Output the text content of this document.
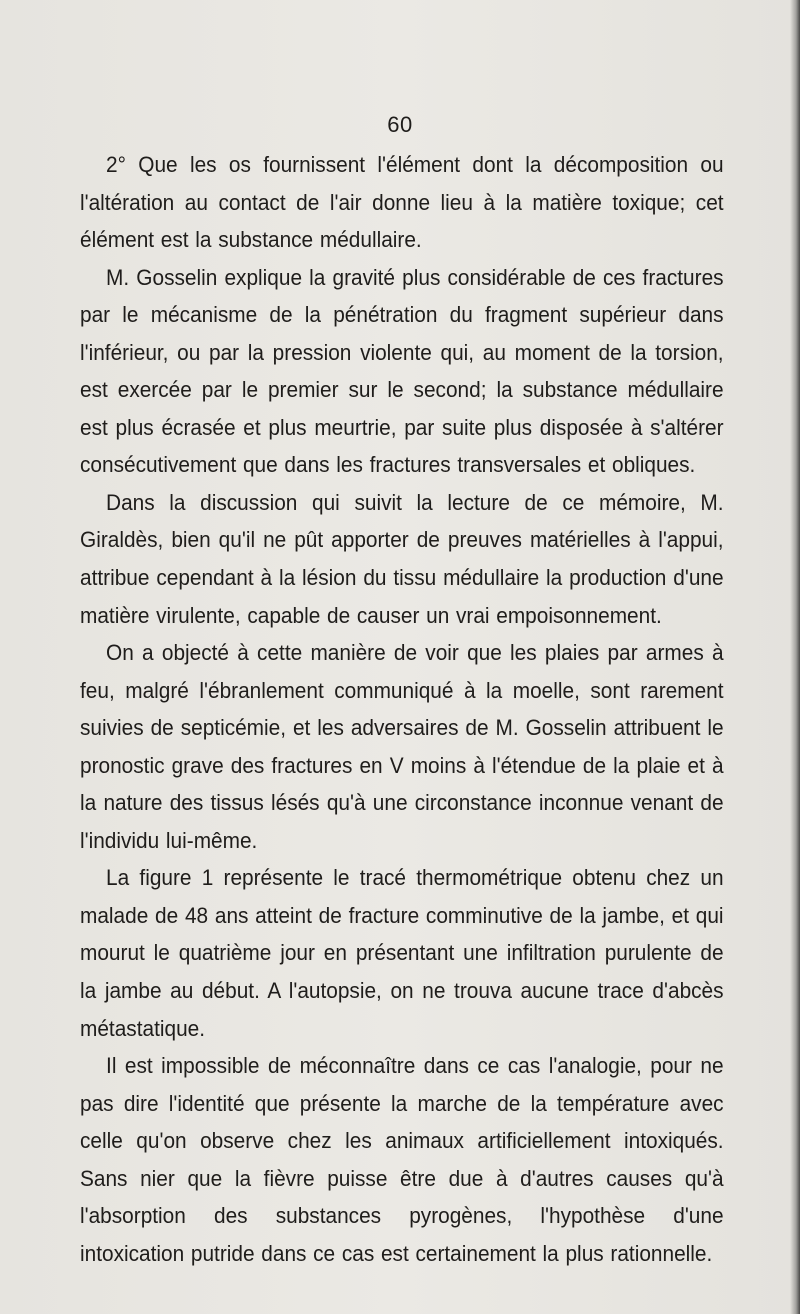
60

2° Que les os fournissent l'élément dont la décomposition ou l'altération au contact de l'air donne lieu à la matière toxique; cet élément est la substance médullaire.

M. Gosselin explique la gravité plus considérable de ces fractures par le mécanisme de la pénétration du fragment supérieur dans l'inférieur, ou par la pression violente qui, au moment de la torsion, est exercée par le premier sur le second; la substance médullaire est plus écrasée et plus meurtrie, par suite plus disposée à s'altérer consécutivement que dans les fractures transversales et obliques.

Dans la discussion qui suivit la lecture de ce mémoire, M. Giraldès, bien qu'il ne pût apporter de preuves matérielles à l'appui, attribue cependant à la lésion du tissu médullaire la production d'une matière virulente, capable de causer un vrai empoisonnement.

On a objecté à cette manière de voir que les plaies par armes à feu, malgré l'ébranlement communiqué à la moelle, sont rarement suivies de septicémie, et les adversaires de M. Gosselin attribuent le pronostic grave des fractures en V moins à l'étendue de la plaie et à la nature des tissus lésés qu'à une circonstance inconnue venant de l'individu lui-même.

La figure 1 représente le tracé thermométrique obtenu chez un malade de 48 ans atteint de fracture comminutive de la jambe, et qui mourut le quatrième jour en présentant une infiltration purulente de la jambe au début. A l'autopsie, on ne trouva aucune trace d'abcès métastatique.

Il est impossible de méconnaître dans ce cas l'analogie, pour ne pas dire l'identité que présente la marche de la température avec celle qu'on observe chez les animaux artificiellement intoxiqués. Sans nier que la fièvre puisse être due à d'autres causes qu'à l'absorption des substances pyrogènes, l'hypothèse d'une intoxication putride dans ce cas est certainement la plus rationnelle.
